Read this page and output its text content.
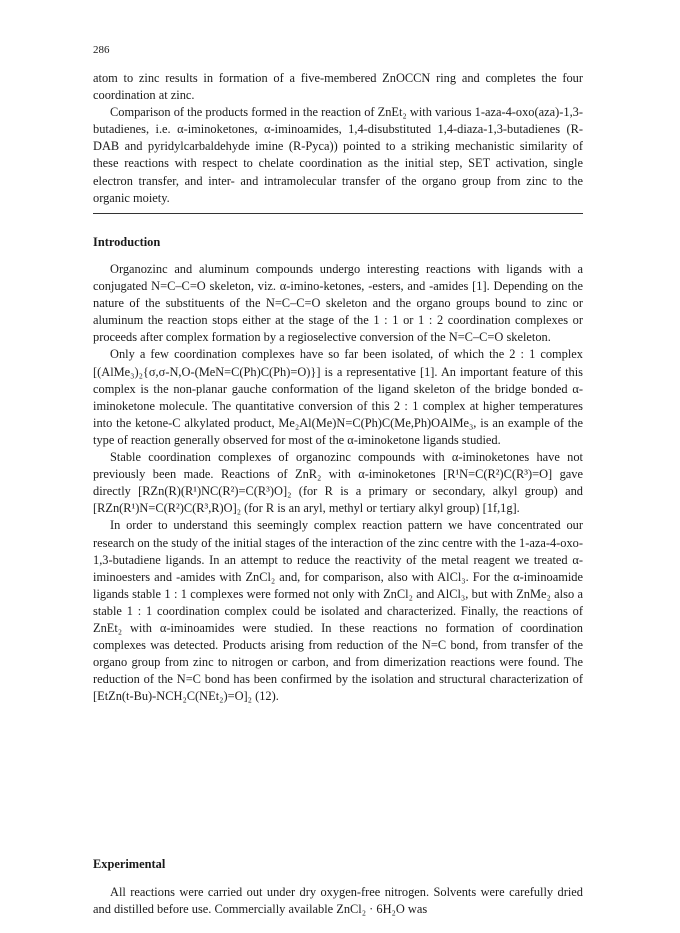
286

atom to zinc results in formation of a five-membered ZnOCCN ring and completes the four coordination at zinc.

Comparison of the products formed in the reaction of ZnEt₂ with various 1-aza-4-oxo(aza)-1,3-butadienes, i.e. α-iminoketones, α-iminoamides, 1,4-disubstituted 1,4-diaza-1,3-butadienes (R-DAB and pyridylcarbaldehyde imine (R-Pyca)) pointed to a striking mechanistic similarity of these reactions with respect to chelate coordination as the initial step, SET activation, single electron transfer, and inter- and intramolecular transfer of the organo group from zinc to the organic moiety.

Introduction

Organozinc and aluminum compounds undergo interesting reactions with ligands with a conjugated N=C–C=O skeleton, viz. α-imino-ketones, -esters, and -amides [1]. Depending on the nature of the substituents of the N=C–C=O skeleton and the organo groups bound to zinc or aluminum the reaction stops either at the stage of the 1 : 1 or 1 : 2 coordination complexes or proceeds after complex formation by a regioselective conversion of the N=C–C=O skeleton.

Only a few coordination complexes have so far been isolated, of which the 2 : 1 complex [(AlMe₃)₂{σ,σ-N,O-(MeN=C(Ph)C(Ph)=O)}] is a representative [1]. An important feature of this complex is the non-planar gauche conformation of the ligand skeleton of the bridge bonded α-iminoketone molecule. The quantitative conversion of this 2 : 1 complex at higher temperatures into the ketone-C alkylated product, Me₂Al(Me)N=C(Ph)C(Me,Ph)OAlMe₃, is an example of the type of reaction generally observed for most of the α-iminoketone ligands studied.

Stable coordination complexes of organozinc compounds with α-iminoketones have not previously been made. Reactions of ZnR₂ with α-iminoketones [R¹N=C(R²)C(R³)=O] gave directly [RZn(R)(R¹)NC(R²)=C(R³)O]₂ (for R is a primary or secondary, alkyl group) and [RZn(R¹)N=C(R²)C(R³,R)O]₂ (for R is an aryl, methyl or tertiary alkyl group) [1f,1g].

In order to understand this seemingly complex reaction pattern we have concentrated our research on the study of the initial stages of the interaction of the zinc centre with the 1-aza-4-oxo-1,3-butadiene ligands. In an attempt to reduce the reactivity of the metal reagent we treated α-iminoesters and -amides with ZnCl₂ and, for comparison, also with AlCl₃. For the α-iminoamide ligands stable 1 : 1 complexes were formed not only with ZnCl₂ and AlCl₃, but with ZnMe₂ also a stable 1 : 1 coordination complex could be isolated and characterized. Finally, the reactions of ZnEt₂ with α-iminoamides were studied. In these reactions no formation of coordination complexes was detected. Products arising from reduction of the N=C bond, from transfer of the organo group from zinc to nitrogen or carbon, and from dimerization reactions were found. The reduction of the N=C bond has been confirmed by the isolation and structural characterization of [EtZn(t-Bu)-NCH₂C(NEt₂)=O]₂ (12).

Experimental

All reactions were carried out under dry oxygen-free nitrogen. Solvents were carefully dried and distilled before use. Commercially available ZnCl₂ · 6H₂O was
